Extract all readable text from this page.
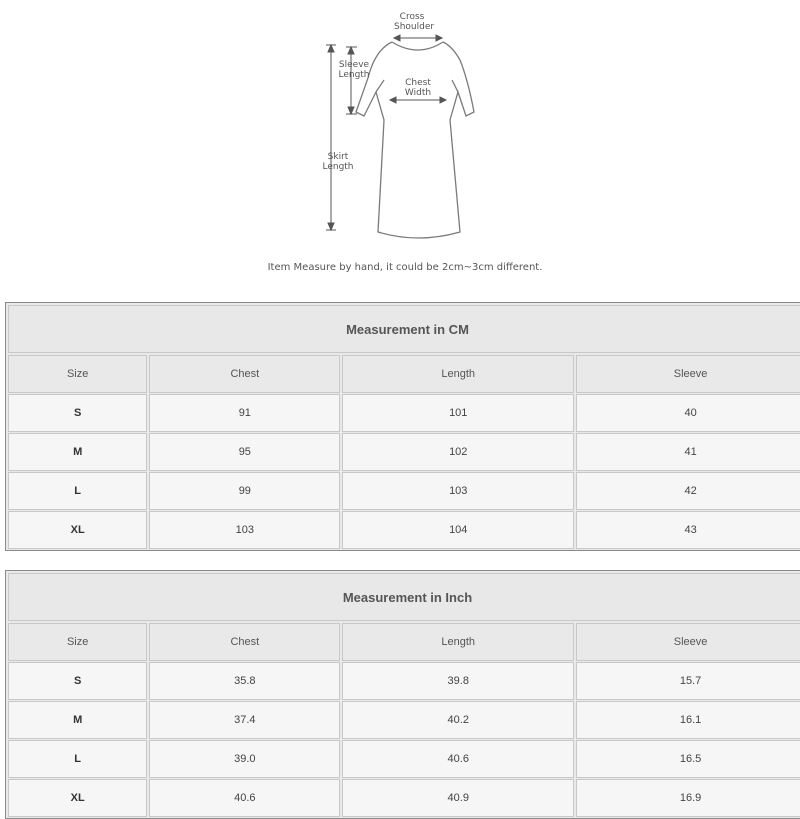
Cross
Shoulder
Sleeve
Length
Chest
Width
Skirt
Length
Item Measure by hand, it could be 2cm~3cm different.
Measurement in CM
Size	Chest	Length	Sleeve
S	91	101	40
M	95	102	41
L	99	103	42
XL	103	104	43
Measurement in Inch
Size	Chest	Length	Sleeve
S	35.8	39.8	15.7
M	37.4	40.2	16.1
L	39.0	40.6	16.5
XL	40.6	40.9	16.9
